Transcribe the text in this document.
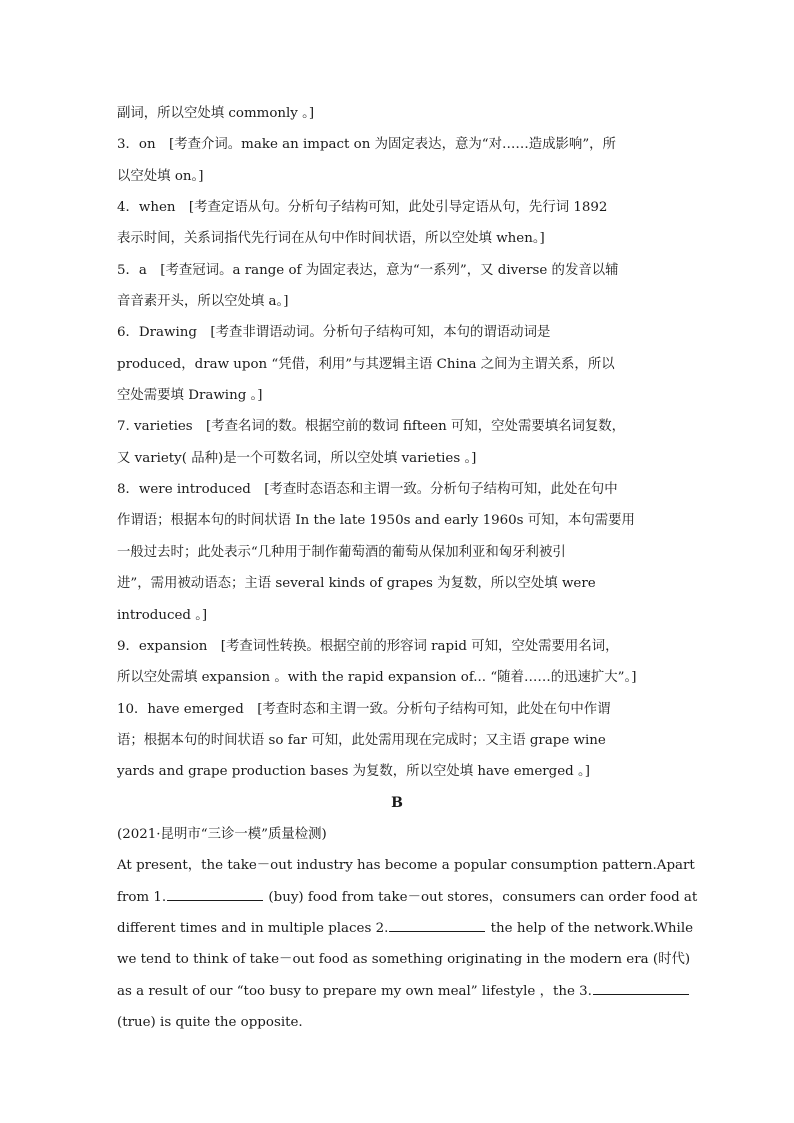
副词，所以空处填 commonly 。]
3．on　[考查介词。make an impact on 为固定表达，意为“对……造成影响”，所
以空处填 on。]
4．when　[考查定语从句。分析句子结构可知，此处引导定语从句，先行词 1892
表示时间，关系词指代先行词在从句中作时间状语，所以空处填 when。]
5．a　[考查冠词。a range of 为固定表达，意为“一系列”，又 diverse 的发音以辅
音音素开头，所以空处填 a。]
6．Drawing　[考查非谓语动词。分析句子结构可知，本句的谓语动词是
produced，draw upon “凭借，利用”与其逻辑主语 China 之间为主谓关系，所以
空处需要填 Drawing 。]
7. varieties　[考查名词的数。根据空前的数词 fifteen 可知，空处需要填名词复数，
又 variety( 品种)是一个可数名词，所以空处填 varieties 。]
8．were introduced　[考查时态语态和主谓一致。分析句子结构可知，此处在句中
作谓语；根据本句的时间状语 In the late 1950s and early 1960s 可知，本句需要用
一般过去时；此处表示“几种用于制作葡萄酒的葡萄从保加利亚和匈牙利被引
进”，需用被动语态；主语 several kinds of grapes 为复数，所以空处填 were
introduced 。]
9．expansion　[考查词性转换。根据空前的形容词 rapid 可知，空处需要用名词，
所以空处需填 expansion 。with the rapid expansion of... “随着……的迅速扩大”。]
10．have emerged　[考查时态和主谓一致。分析句子结构可知，此处在句中作谓
语；根据本句的时间状语 so far 可知，此处需用现在完成时；又主语 grape wine
yards and grape production bases 为复数，所以空处填 have emerged 。]
B
(2021·昆明市“三诊一模”质量检测)
At present，the take－out industry has become a popular consumption pattern.Apart
from 1.	(buy) food from take－out stores，consumers can order food at
different times and in multiple places 2.	the help of the network.While
we tend to think of take－out food as something originating in the modern era (时代)
as a result of our “too busy to prepare my own meal” lifestyle ，the 3.
(true) is quite the opposite.
